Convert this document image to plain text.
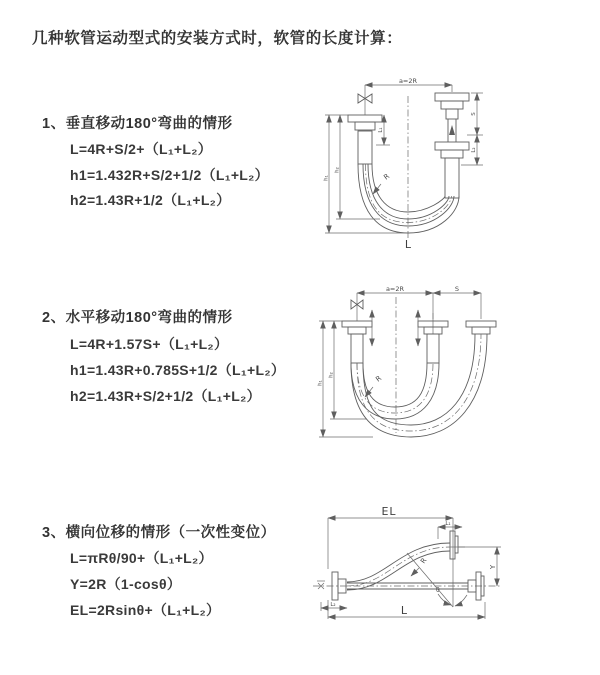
几种软管运动型式的安装方式时，软管的长度计算：
1、垂直移动180°弯曲的情形
L=4R+S/2+（L₁+L₂）
h1=1.432R+S/2+1/2（L₁+L₂）
h2=1.43R+1/2（L₁+L₂）
2、水平移动180°弯曲的情形
L=4R+1.57S+（L₁+L₂）
h1=1.43R+0.785S+1/2（L₁+L₂）
h2=1.43R+S/2+1/2（L₁+L₂）
3、横向位移的情形（一次性变位）
L=πRθ/90+（L₁+L₂）
Y=2R（1-cosθ）
EL=2Rsinθ+（L₁+L₂）
a=2R
L₁
S
L₂
h₁
h₂
L
R
a=2R	S
h₁
h₂	R
EL
L₁
Y
θ
R
L
L₂
